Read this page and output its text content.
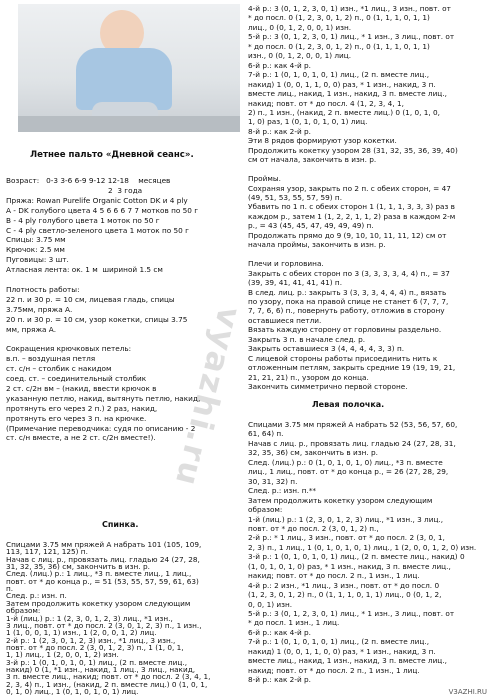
Летнее пальто «Дневной сеанс».
Возраст:   0-3 3-6 6-9 9-12 12-18    месяцев
2  3 года
Пряжа: Rowan Purelife Organic Cotton DK и 4 ply
A - DK голубого цвета 4 5 6 6 6 7 7 мотков по 50 г
B - 4 ply голубого цвета 1 моток по 50 г
C - 4 ply светло-зеленого цвета 1 моток по 50 г
Спицы: 3.75 мм
Крючок: 2.5 мм
Пуговицы: 3 шт.
Атласная лента: ок. 1 м  шириной 1.5 см
Плотность работы:
22 п. и 30 р. = 10 см, лицевая гладь, спицы
3.75мм, пряжа А.
20 п. и 30 р. = 10 см, узор кокетки, спицы 3.75
мм, пряжа А.
Сокращения крючковых петель:
в.п. – воздушная петля
ст. с/н – столбик с накидом
соед. ст. – соединительный столбик
2 ст. с/2н вм – (накид, ввести крючок в
указанную петлю, накид, вытянуть петлю, накид,
протянуть его через 2 п.) 2 раз, накид,
протянуть его через 3 п. на крючке.
(Примечание переводчика: судя по описанию - 2
ст. с/н вместе, а не 2 ст. с/2н вместе!).
Спинка.
Спицами 3.75 мм пряжей А набрать 101 (105, 109,
113, 117, 121, 125) п.
Начав с лиц. р., провязать лиц. гладью 24 (27, 28,
31, 32, 35, 36) см, закончить в изн. р.
След. (лиц.) р.: 1 лиц., *3 п. вместе лиц., 1 лиц.,
повт. от * до конца р., = 51 (53, 55, 57, 59, 61, 63)
п.
След. р.: изн. п.
Затем продолжить кокетку узором следующим
образом:
1-й (лиц.) р.: 1 (2, 3, 0, 1, 2, 3) лиц., *1 изн.,
3 лиц., повт. от * до посл. 2 (3, 0, 1, 2, 3) п., 1 изн.,
1 (1, 0, 0, 1, 1) изн., 1 (2, 0, 0, 1, 2) лиц.
2-й р.: 1 (2, 3, 0, 1, 2, 3) изн., *1 лиц., 3 изн.,
повт. от * до посл. 2 (3, 0, 1, 2, 3) п., 1 (1, 0, 1,
1, 1) лиц., 1 (2, 0, 0, 1, 2) изн.
3-й р.: 1 (0, 1, 0, 1, 0, 1) лиц., (2 п. вместе лиц.,
накид) 0 (1, *1 изн., накид, 1 лиц., 3 лиц., накид,
3 п. вместе лиц., накид; повт. от * до посл. 2 (3, 4, 1,
2, 3, 4) п., 1 изн., (накид, 2 п. вместе лиц.) 0 (1, 0, 1,
0, 1, 0) лиц., 1 (0, 1, 0, 1, 0, 1) лиц.
4-й р.: 3 (0, 1, 2, 3, 0, 1) изн., *1 лиц., 3 изн., повт. от
* до посл. 0 (1, 2, 3, 0, 1, 2) п., 0 (1, 1, 1, 0, 1, 1)
лиц., 0 (0, 1, 2, 0, 0, 1) изн.
5-й р.: 3 (0, 1, 2, 3, 0, 1) лиц., * 1 изн., 3 лиц., повт. от
* до посл. 0 (1, 2, 3, 0, 1, 2) п., 0 (1, 1, 1, 0, 1, 1)
изн., 0 (0, 1, 2, 0, 0, 1) лиц.
6-й р.: как 4-й р.
7-й р.: 1 (0, 1, 0, 1, 0, 1) лиц., (2 п. вместе лиц.,
накид) 1 (0, 0, 1, 1, 0, 0) раз, * 1 изн., накид, 3 п.
вместе лиц., накид, 1 изн., накид, 3 п. вместе лиц.,
накид; повт. от * до посл. 4 (1, 2, 3, 4, 1,
2) п., 1 изн., (накид, 2 п. вместе лиц.) 0 (1, 0, 1, 0,
1, 0) раз, 1 (0, 1, 0, 1, 0, 1) лиц.
8-й р.: как 2-й р.
Эти 8 рядов формируют узор кокетки.
Продолжить кокетку узором 28 (31, 32, 35, 36, 39, 40)
см от начала, закончить в изн. р.
Проймы.
Сохраняя узор, закрыть по 2 п. с обеих сторон, = 47
(49, 51, 53, 55, 57, 59) п.
Убавить по 1 п. с обеих сторон 1 (1, 1, 1, 3, 3, 3) раз в
каждом р., затем 1 (1, 2, 2, 1, 1, 2) раза в каждом 2-м
р., = 43 (45, 45, 47, 49, 49, 49) п.
Продолжать прямо до 9 (9, 10, 10, 11, 11, 12) см от
начала проймы, закончить в изн. р.
Плечи и горловина.
Закрыть с обеих сторон по 3 (3, 3, 3, 3, 4, 4) п., = 37
(39, 39, 41, 41, 41, 41) п.
В след. лиц. р.: закрыть 3 (3, 3, 3, 4, 4, 4) п., вязать
по узору, пока на правой спице не станет 6 (7, 7, 7,
7, 7, 6, 6) п., повернуть работу, отложив в сторону
оставшиеся петли.
Вязать каждую сторону от горловины раздельно.
Закрыть 3 п. в начале след. р.
Закрыть оставшиеся 3 (4, 4, 4, 4, 3, 3) п.
С лицевой стороны работы присоединить нить к
отложенным петлям, закрыть средние 19 (19, 19, 21,
21, 21, 21) п., узором до конца.
Закончить симметрично первой стороне.
Левая полочка.
Спицами 3.75 мм пряжей А набрать 52 (53, 56, 57, 60,
61, 64) п.
Начав с лиц. р., провязать лиц. гладью 24 (27, 28, 31,
32, 35, 36) см, закончить в изн. р.
След. (лиц.) р.: 0 (1, 0, 1, 0, 1, 0) лиц., *3 п. вместе
лиц., 1 лиц., повт. от * до конца р., = 26 (27, 28, 29,
30, 31, 32) п.
След. р.: изн. п.**
Затем продолжить кокетку узором следующим
образом:
1-й (лиц.) р.: 1 (2, 3, 0, 1, 2, 3) лиц., *1 изн., 3 лиц.,
повт. от * до посл. 2 (3, 0, 1, 2) п.,
2-й р.: * 1 лиц., 3 изн., повт. от * до посл. 2 (3, 0, 1,
2, 3) п., 1 лиц., 1 (0, 1, 0, 1, 0, 1) лиц., 1 (2, 0, 0, 1, 2, 0) изн.
3-й р.: 1 (0, 1, 0, 1, 0, 1) лиц., (2 п. вместе лиц., накид) 0
(1, 0, 1, 0, 1, 0) раз, * 1 изн., накид, 3 п. вместе лиц.,
накид; повт. от * до посл. 2 п., 1 изн., 1 лиц.
4-й р.: 2 изн., *1 лиц., 3 изн., повт. от * до посл. 0
(1, 2, 3, 0, 1, 2) п., 0 (1, 1, 1, 0, 1, 1) лиц., 0 (0, 1, 2,
0, 0, 1) изн.
5-й р.: 3 (0, 1, 2, 3, 0, 1) лиц., * 1 изн., 3 лиц., повт. от
* до посл. 1 изн., 1 лиц.
6-й р.: как 4-й р.
7-й р.: 1 (0, 1, 0, 1, 0, 1) лиц., (2 п. вместе лиц.,
накид) 1 (0, 0, 1, 1, 0, 0) раз, * 1 изн., накид, 3 п.
вместе лиц., накид, 1 изн., накид, 3 п. вместе лиц.,
накид; повт. от * до посл. 2 п., 1 изн., 1 лиц.
8-й р.: как 2-й р.
vyazhi.ru
V3AZHI.RU
